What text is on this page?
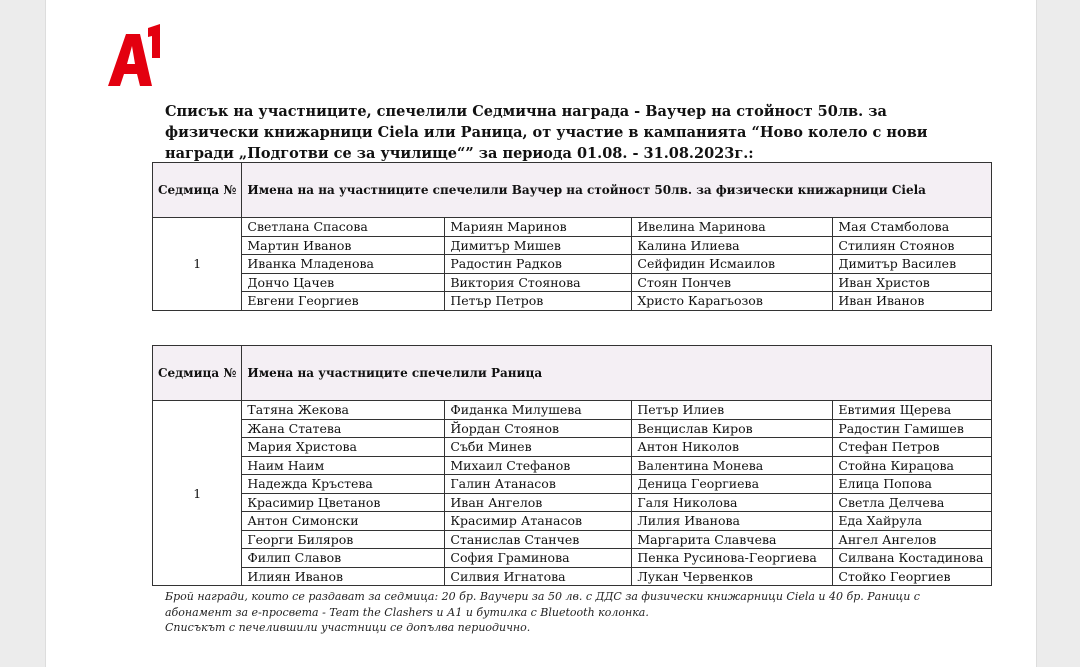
Списък на участниците, спечелили Седмична награда - Ваучер на стойност 50лв. за физически книжарници Ciela или Раница, от участие в кампанията “Ново колело с нови награди „Подготви се за училище“” за периода 01.08. - 31.08.2023г.:
Седмица №	Имена на на участниците спечелили Ваучер на стойност 50лв. за физически книжарници Ciela			
1	Светлана Спасова	Мариян Маринов	Ивелина Маринова	Мая Стамболова
	Мартин Иванов	Димитър Мишев	Калина Илиева	Стилиян Стоянов
	Иванка Младенова	Радостин Радков	Сейфидин Исмаилов	Димитър Василев
	Дончо Цачев	Виктория Стоянова	Стоян Пончев	Иван Христов
	Евгени Георгиев	Петър Петров	Христо Карагьозов	Иван Иванов
Седмица №	Имена на участниците спечелили Раница			
1	Татяна Жекова	Фиданка Милушева	Петър Илиев	Евтимия Щерева
	Жана Статева	Йордан Стоянов	Венцислав Киров	Радостин Гамишев
	Мария Христова	Съби Минев	Антон Николов	Стефан Петров
	Наим Наим	Михаил Стефанов	Валентина Монева	Стойна Кирацова
	Надежда Кръстева	Галин Атанасов	Деница Георгиева	Елица Попова
	Красимир Цветанов	Иван Ангелов	Галя Николова	Светла Делчева
	Антон Симонски	Красимир Атанасов	Лилия Иванова	Еда Хайрула
	Георги Биляров	Станислав Станчев	Маргарита Славчева	Ангел Ангелов
	Филип Славов	София Граминова	Пенка Русинова-Георгиева	Силвана Костадинова
	Илиян Иванов	Силвия Игнатова	Лукан Червенков	Стойко Георгиев
Брой награди, които се раздават за седмица: 20 бр. Ваучери за 50 лв. с ДДС за физически книжарници Ciela и 40 бр. Раници с абонамент за е-просвета - Team the Clashers и А1 и бутилка с Bluetooth колонка.
Списъкът с печелившили участници се допълва периодично.
